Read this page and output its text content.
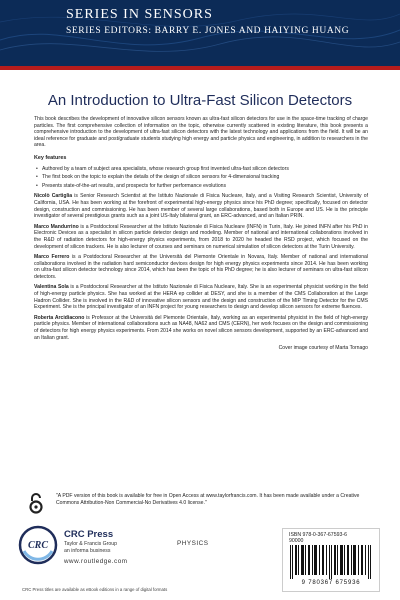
SERIES IN SENSORS
SERIES EDITORS: BARRY E. JONES AND HAIYING HUANG
An Introduction to Ultra-Fast Silicon Detectors

This book describes the development of innovative silicon sensors known as ultra-fast silicon detectors for use in the space-time tracking of charge particles. The first comprehensive collection of information on the topic, otherwise currently scattered in existing literature, this book presents a comprehensive introduction to the development of ultra-fast silicon detectors with the latest technology and applications from the field. It will be an ideal reference for graduate and post/graduate students studying high energy and particle physics and engineering, in addition to researchers in the area.

Key features
• Authored by a team of subject area specialists, whose research group first invented ultra-fast silicon detectors
• The first book on the topic to explain the details of the design of silicon sensors for 4-dimensional tracking
• Presents state-of-the-art results, and prospects for further performance evolutions

Nicolò Cartiglia is Senior Research Scientist at the Istituto Nazionale di Fisica Nucleare, Italy, and a Visiting Research Scientist, University of California, USA. He has been working at the forefront of experimental high-energy physics since his PhD degree; specifically, focused on detector design, construction and commissioning. He has been member of several large collaborations, based both in Europe and US. He is the principle investigator of several prestigious grants such as a joint US-Italy bilateral grant, an ERC-advanced, and an Italian PRIN.

Marco Mandurrino is a Postdoctoral Researcher at the Istituto Nazionale di Fisica Nucleare (INFN) in Turin, Italy. He joined INFN after his PhD in Electronic Devices as a specialist in silicon particle detector design and modeling. Member of national and international collaborations involved in the R&D of radiation detectors for high-energy physics experiments, from 2018 to 2020 he headed the RSD project, which focused on the development of silicon trackers. He is also lecturer of courses and seminars on numerical simulation of silicon detectors at the Turin University.

Marco Ferrero is a Postdoctoral Researcher at the Università del Piemonte Orientale in Novara, Italy. Member of national and international collaborations involved in the radiation hard semiconductor devices design for high energy physics experiments since 2014. He has been working on ultra-fast silicon detector technology since 2014, which has been the topic of his PhD degree; he is also lecturer of seminars on ultra-fast silicon detectors.

Valentina Sola is a Postdoctoral Researcher at the Istituto Nazionale di Fisica Nucleare, Italy. She is an experimental physicist working in the field of high-energy particle physics. She has worked at the HERA ep collider at DESY, and she is a member of the CMS Collaboration at the Large Hadron Collider. She is involved in the R&D of innovative silicon sensors and the design and construction of the MIP Timing Detector for the CMS Experiment. She is the principal investigator of an INFN project for young researchers to design and develop silicon sensors for extreme fluences.

Roberta Arcidiacono is Professor at the Università del Piemonte Orientale, Italy, working as an experimental physicist in the field of high-energy particle physics. Member of international collaborations such as NA48, NA62 and CMS (CERN), her work focuses on the design and commissioning of detectors for high energy physics experiments. From 2014 she works on novel silicon sensors development, supported by an ERC-advanced and an Italian grant.

Cover image courtesy of Marta Tornago
"A PDF version of this book is available for free in Open Access at www.taylorfrancis.com. It has been made available under a Creative Commons Attribution-Non Commercial-No Derivatives 4.0 license."
CRC
CRC Press
Taylor & Francis Group
an informa business
www.routledge.com
PHYSICS
ISBN 978-0-367-67593-6
90000
9 780367 675936
CRC Press titles are available as eBook editions in a range of digital formats
